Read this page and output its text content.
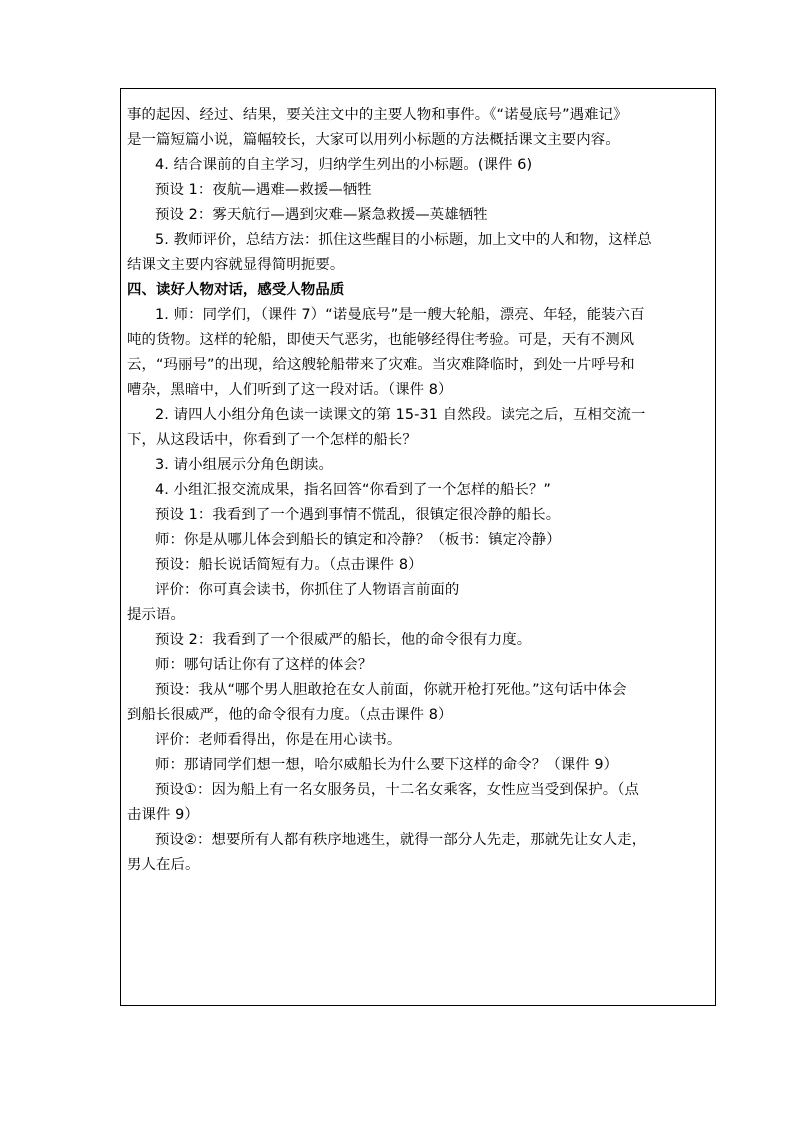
事的起因、经过、结果，要关注文中的主要人物和事件。《“诺曼底号”遇难记》
是一篇短篇小说，篇幅较长，大家可以用列小标题的方法概括课文主要内容。
4. 结合课前的自主学习，归纳学生列出的小标题。(课件 6)
预设 1：夜航—遇难—救援—牺牲
预设 2：雾天航行—遇到灾难—紧急救援—英雄牺牲
5. 教师评价，总结方法：抓住这些醒目的小标题，加上文中的人和物，这样总
结课文主要内容就显得简明扼要。
四、读好人物对话，感受人物品质
1. 师：同学们，（课件 7）“诺曼底号”是一艘大轮船，漂亮、年轻，能装六百
吨的货物。这样的轮船，即使天气恶劣，也能够经得住考验。可是，天有不测风
云，“玛丽号”的出现，给这艘轮船带来了灾难。当灾难降临时，到处一片呼号和
嘈杂，黑暗中，人们听到了这一段对话。（课件 8）
2. 请四人小组分角色读一读课文的第 15-31 自然段。读完之后，互相交流一
下，从这段话中，你看到了一个怎样的船长？
3. 请小组展示分角色朗读。
4. 小组汇报交流成果，指名回答“你看到了一个怎样的船长？”
预设 1：我看到了一个遇到事情不慌乱，很镇定很冷静的船长。
师：你是从哪儿体会到船长的镇定和冷静？（板书：镇定冷静）
预设：船长说话简短有力。（点击课件 8）
评价：你可真会读书，你抓住了人物语言前面的
提示语。
预设 2：我看到了一个很威严的船长，他的命令很有力度。
师：哪句话让你有了这样的体会？
预设：我从“哪个男人胆敢抢在女人前面，你就开枪打死他。”这句话中体会
到船长很威严，他的命令很有力度。（点击课件 8）
评价：老师看得出，你是在用心读书。
师：那请同学们想一想，哈尔威船长为什么要下这样的命令？（课件 9）
预设①：因为船上有一名女服务员，十二名女乘客，女性应当受到保护。（点
击课件 9）
预设②：想要所有人都有秩序地逃生，就得一部分人先走，那就先让女人走，
男人在后。
